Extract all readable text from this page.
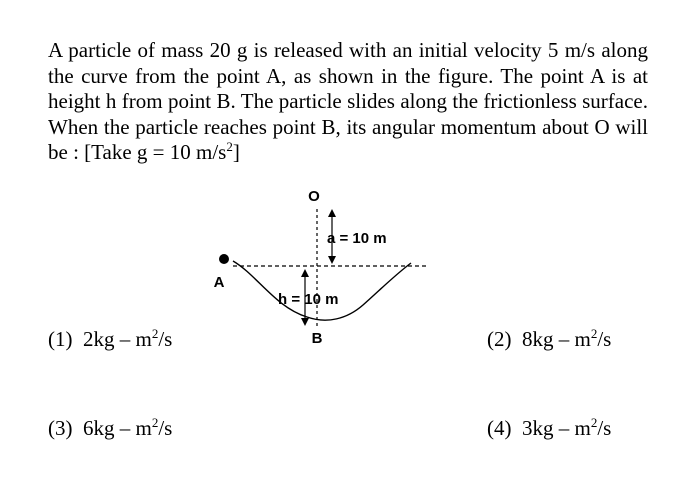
A particle of mass 20 g is released with an initial velocity 5 m/s along the curve from the point A, as shown in the figure. The point A is at height h from point B. The particle slides along the frictionless surface. When the particle reaches point B, its angular momentum about O will be : [Take g = 10 $m/s^2$]
O
A
a = 10 m
h = 10 m
B
(1) $2kg - m^2/s$	(2) $8kg - m^2/s$
(3) $6kg - m^2/s$	(4) $3kg - m^2/s$
